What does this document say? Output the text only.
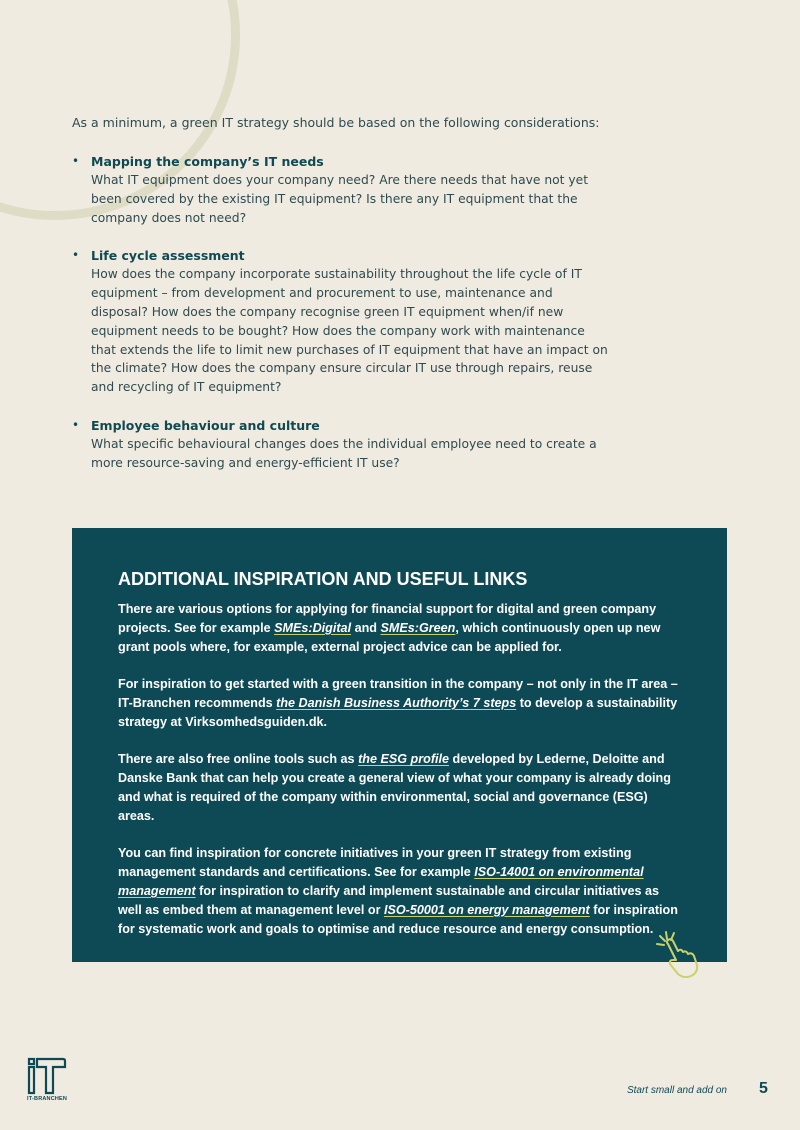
As a minimum, a green IT strategy should be based on the following considerations:

• Mapping the company’s IT needs
What IT equipment does your company need? Are there needs that have not yet been covered by the existing IT equipment? Is there any IT equipment that the company does not need?
• Life cycle assessment
How does the company incorporate sustainability throughout the life cycle of IT equipment – from development and procurement to use, maintenance and disposal? How does the company recognise green IT equipment when/if new equipment needs to be bought? How does the company work with maintenance that extends the life to limit new purchases of IT equipment that have an impact on the climate? How does the company ensure circular IT use through repairs, reuse and recycling of IT equipment?
• Employee behaviour and culture
What specific behavioural changes does the individual employee need to create a more resource-saving and energy-efficient IT use?
ADDITIONAL INSPIRATION AND USEFUL LINKS

There are various options for applying for financial support for digital and green company projects. See for example SMEs:Digital and SMEs:Green, which continuously open up new grant pools where, for example, external project advice can be applied for.

For inspiration to get started with a green transition in the company – not only in the IT area – IT-Branchen recommends the Danish Business Authority’s 7 steps to develop a sustainability strategy at Virksomhedsguiden.dk.

There are also free online tools such as the ESG profile developed by Lederne, Deloitte and Danske Bank that can help you create a general view of what your company is already doing and what is required of the company within environmental, social and governance (ESG) areas.

You can find inspiration for concrete initiatives in your green IT strategy from existing management standards and certifications. See for example ISO-14001 on environmental management for inspiration to clarify and implement sustainable and circular initiatives as well as embed them at management level or ISO-50001 on energy management for inspiration for systematic work and goals to optimise and reduce resource and energy consumption.

IT-BRANCHEN
Start small and add on 5
